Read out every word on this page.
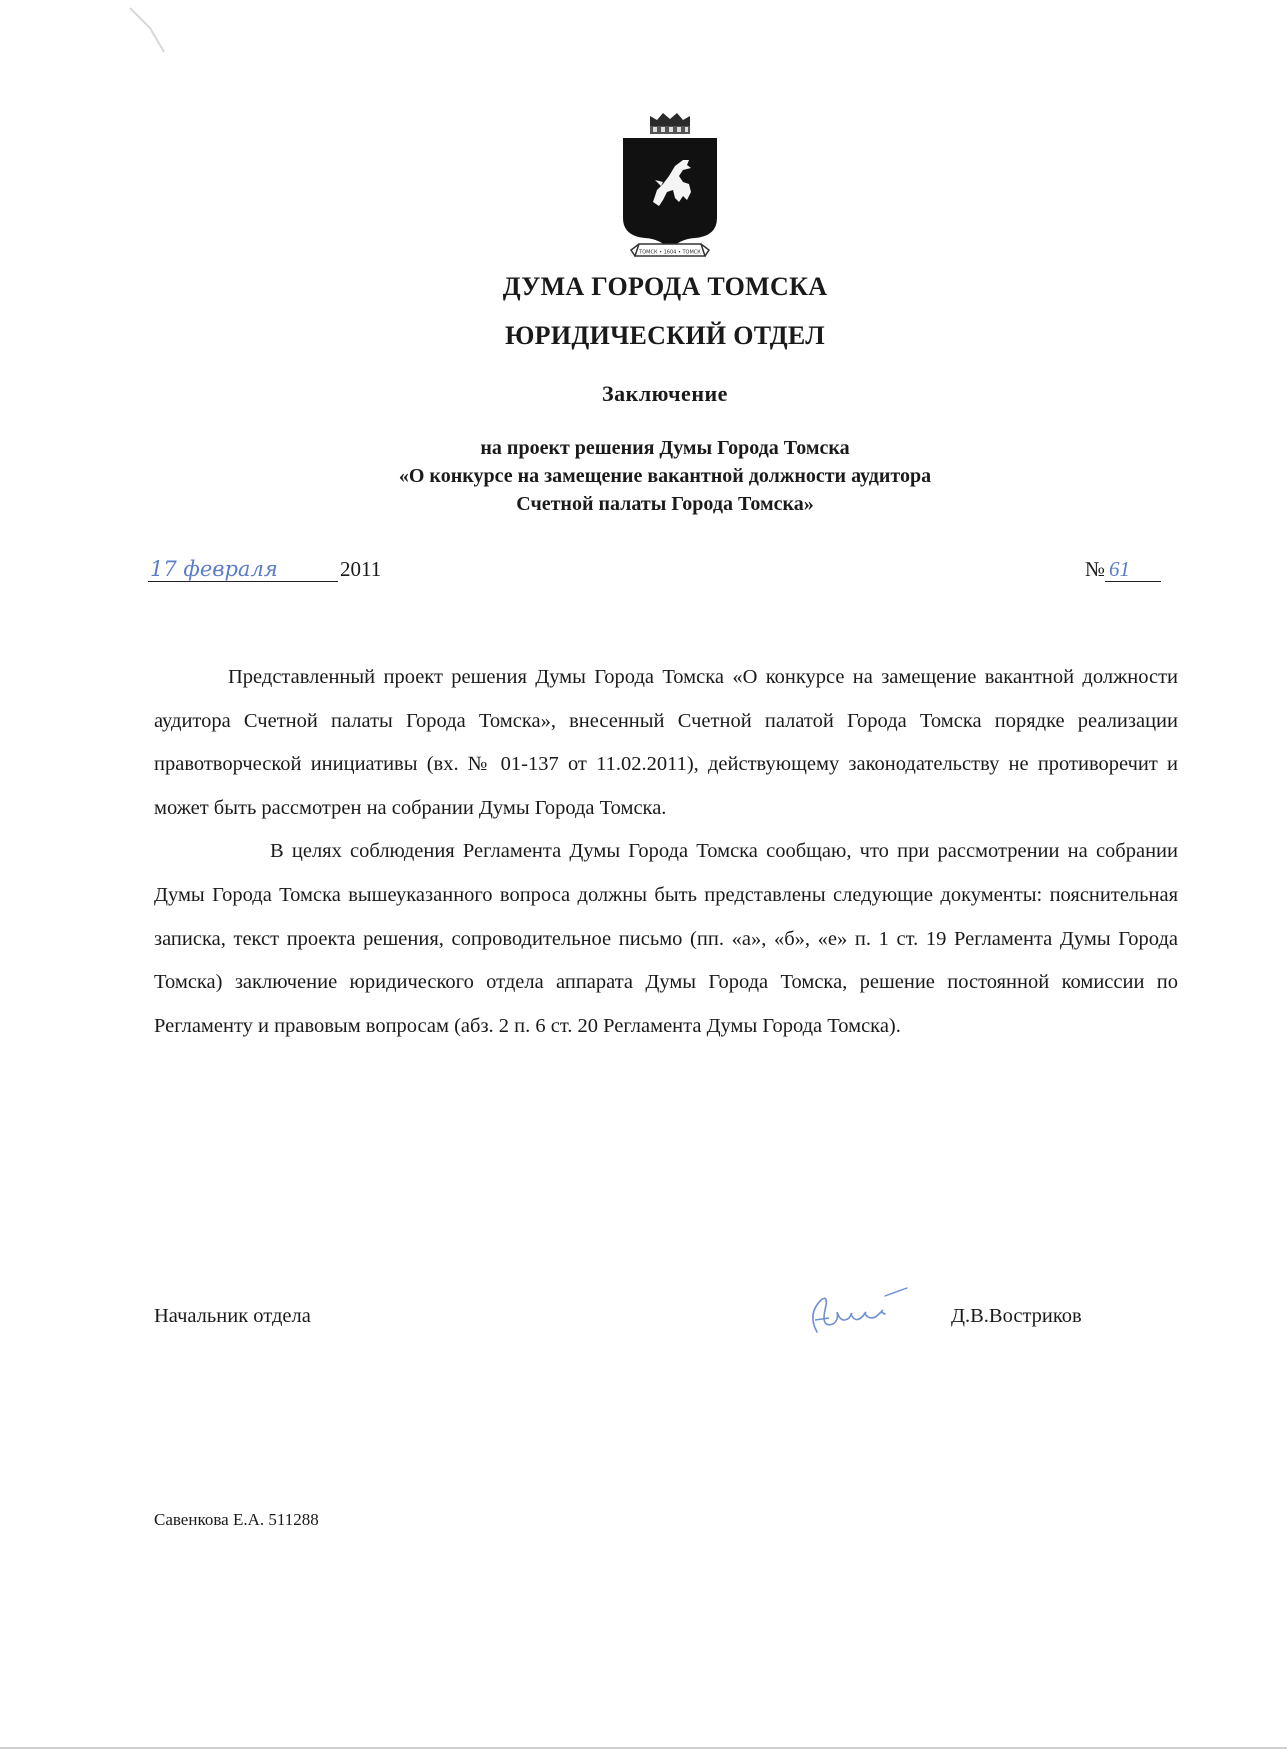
ТОМСК • 1604 • ТОМСК
ДУМА ГОРОДА ТОМСКА
ЮРИДИЧЕСКИЙ ОТДЕЛ
Заключение
на проект решения Думы Города Томска
«О конкурсе на замещение вакантной должности аудитора
Счетной палаты Города Томска»
17 февраля	2011	№ 61

Представленный проект решения Думы Города Томска «О конкурсе на замещение вакантной должности аудитора Счетной палаты Города Томска», внесенный Счетной палатой Города Томска порядке реализации правотворческой инициативы (вх. № 01-137 от 11.02.2011), действующему законодательству не противоречит и может быть рассмотрен на собрании Думы Города Томска.

В целях соблюдения Регламента Думы Города Томска сообщаю, что при рассмотрении на собрании Думы Города Томска вышеуказанного вопроса должны быть представлены следующие документы: пояснительная записка, текст проекта решения, сопроводительное письмо (пп. «а», «б», «е» п. 1 ст. 19 Регламента Думы Города Томска) заключение юридического отдела аппарата Думы Города Томска, решение постоянной комиссии по Регламенту и правовым вопросам (абз. 2 п. 6 ст. 20 Регламента Думы Города Томска).

Начальник отдела	Д.В.Востриков
Савенкова Е.А. 511288
